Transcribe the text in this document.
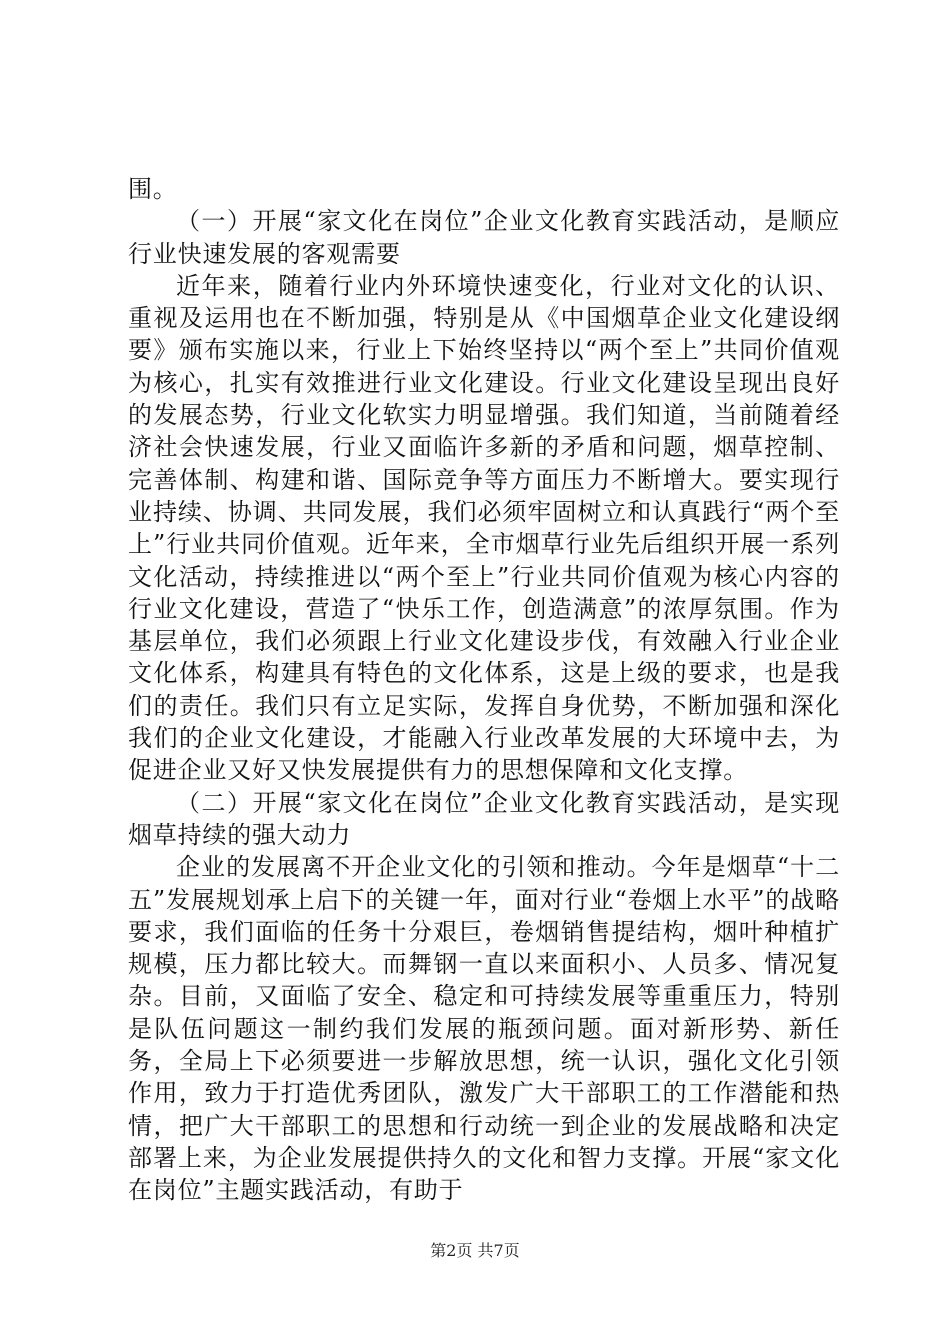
围。

（一）开展“家文化在岗位”企业文化教育实践活动，是顺应行业快速发展的客观需要

近年来，随着行业内外环境快速变化，行业对文化的认识、重视及运用也在不断加强，特别是从《中国烟草企业文化建设纲要》颁布实施以来，行业上下始终坚持以“两个至上”共同价值观为核心，扎实有效推进行业文化建设。行业文化建设呈现出良好的发展态势，行业文化软实力明显增强。我们知道，当前随着经济社会快速发展，行业又面临许多新的矛盾和问题，烟草控制、完善体制、构建和谐、国际竞争等方面压力不断增大。要实现行业持续、协调、共同发展，我们必须牢固树立和认真践行“两个至上”行业共同价值观。近年来，全市烟草行业先后组织开展一系列文化活动，持续推进以“两个至上”行业共同价值观为核心内容的行业文化建设，营造了“快乐工作，创造满意”的浓厚氛围。作为基层单位，我们必须跟上行业文化建设步伐，有效融入行业企业文化体系，构建具有特色的文化体系，这是上级的要求，也是我们的责任。我们只有立足实际，发挥自身优势，不断加强和深化我们的企业文化建设，才能融入行业改革发展的大环境中去，为促进企业又好又快发展提供有力的思想保障和文化支撑。

（二）开展“家文化在岗位”企业文化教育实践活动，是实现烟草持续的强大动力

企业的发展离不开企业文化的引领和推动。今年是烟草“十二五”发展规划承上启下的关键一年，面对行业“卷烟上水平”的战略要求，我们面临的任务十分艰巨，卷烟销售提结构，烟叶种植扩规模，压力都比较大。而舞钢一直以来面积小、人员多、情况复杂。目前，又面临了安全、稳定和可持续发展等重重压力，特别是队伍问题这一制约我们发展的瓶颈问题。面对新形势、新任务，全局上下必须要进一步解放思想，统一认识，强化文化引领作用，致力于打造优秀团队，激发广大干部职工的工作潜能和热情，把广大干部职工的思想和行动统一到企业的发展战略和决定部署上来，为企业发展提供持久的文化和智力支撑。开展“家文化在岗位”主题实践活动，有助于

第2页 共7页
